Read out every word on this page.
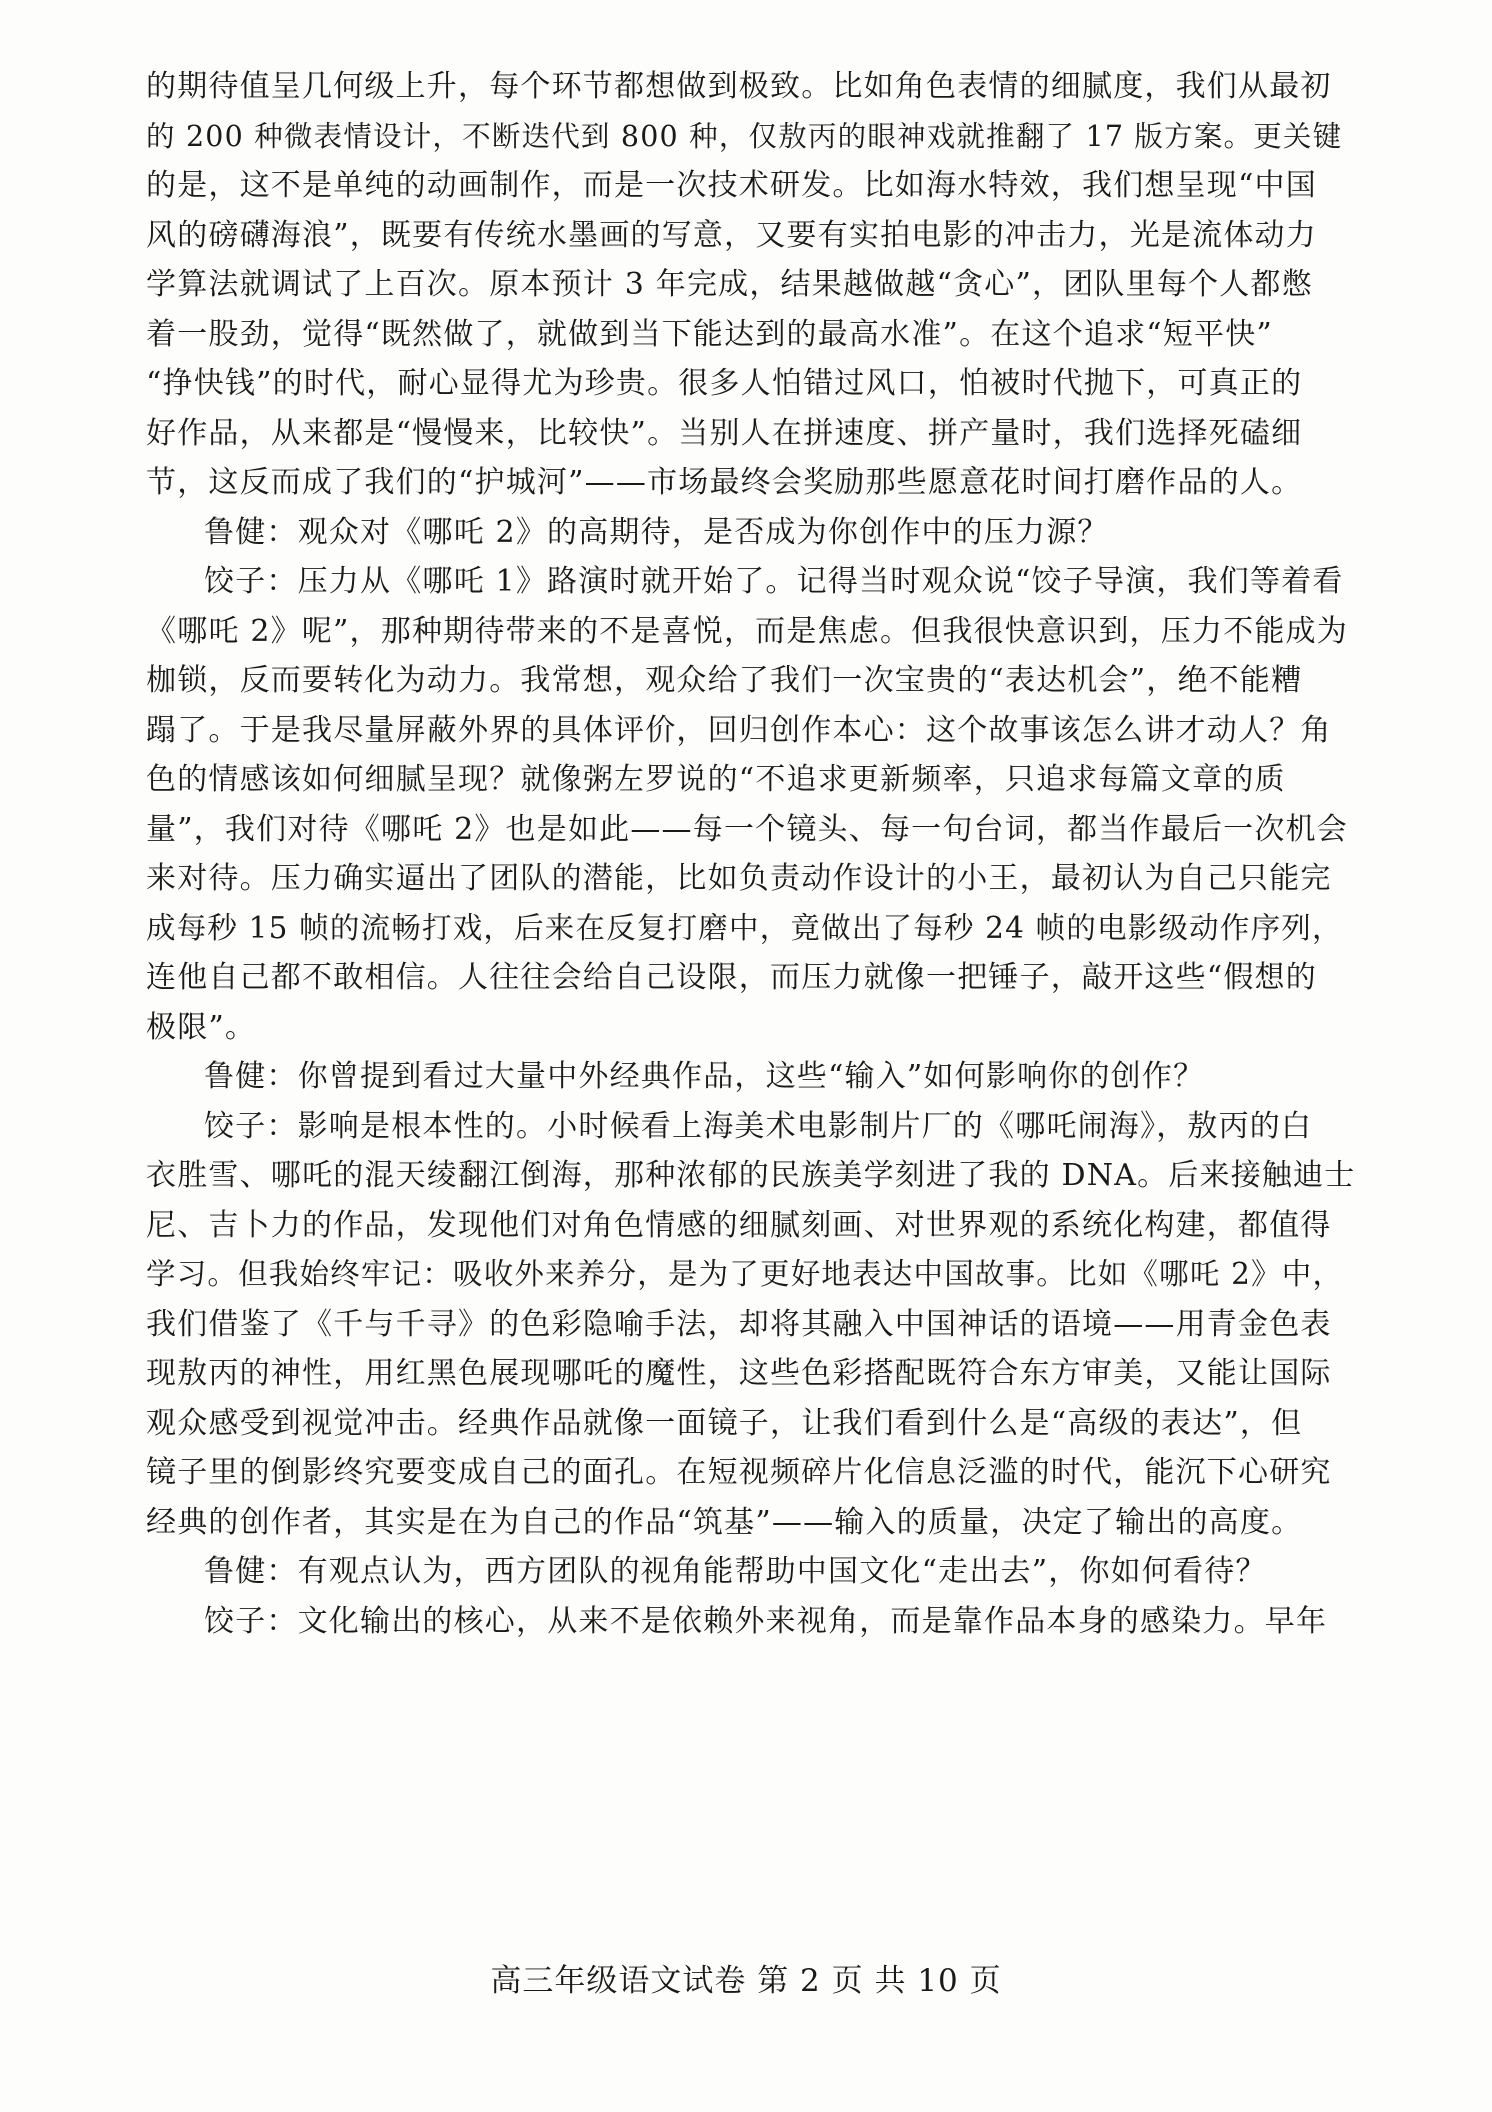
的期待值呈几何级上升，每个环节都想做到极致。比如角色表情的细腻度，我们从最初
的 200 种微表情设计，不断迭代到 800 种，仅敖丙的眼神戏就推翻了 17 版方案。更关键
的是，这不是单纯的动画制作，而是一次技术研发。比如海水特效，我们想呈现“中国
风的磅礴海浪”，既要有传统水墨画的写意，又要有实拍电影的冲击力，光是流体动力
学算法就调试了上百次。原本预计 3 年完成，结果越做越“贪心”，团队里每个人都憋
着一股劲，觉得“既然做了，就做到当下能达到的最高水准”。在这个追求“短平快”
“挣快钱”的时代，耐心显得尤为珍贵。很多人怕错过风口，怕被时代抛下，可真正的
好作品，从来都是“慢慢来，比较快”。当别人在拼速度、拼产量时，我们选择死磕细
节，这反而成了我们的“护城河”——市场最终会奖励那些愿意花时间打磨作品的人。
鲁健：观众对《哪吒 2》的高期待，是否成为你创作中的压力源？
饺子：压力从《哪吒 1》路演时就开始了。记得当时观众说“饺子导演，我们等着看
《哪吒 2》呢”，那种期待带来的不是喜悦，而是焦虑。但我很快意识到，压力不能成为
枷锁，反而要转化为动力。我常想，观众给了我们一次宝贵的“表达机会”，绝不能糟
蹋了。于是我尽量屏蔽外界的具体评价，回归创作本心：这个故事该怎么讲才动人？角
色的情感该如何细腻呈现？就像粥左罗说的“不追求更新频率，只追求每篇文章的质
量”，我们对待《哪吒 2》也是如此——每一个镜头、每一句台词，都当作最后一次机会
来对待。压力确实逼出了团队的潜能，比如负责动作设计的小王，最初认为自己只能完
成每秒 15 帧的流畅打戏，后来在反复打磨中，竟做出了每秒 24 帧的电影级动作序列，
连他自己都不敢相信。人往往会给自己设限，而压力就像一把锤子，敲开这些“假想的
极限”。
鲁健：你曾提到看过大量中外经典作品，这些“输入”如何影响你的创作？
饺子：影响是根本性的。小时候看上海美术电影制片厂的《哪吒闹海》，敖丙的白
衣胜雪、哪吒的混天绫翻江倒海，那种浓郁的民族美学刻进了我的 DNA。后来接触迪士
尼、吉卜力的作品，发现他们对角色情感的细腻刻画、对世界观的系统化构建，都值得
学习。但我始终牢记：吸收外来养分，是为了更好地表达中国故事。比如《哪吒 2》中，
我们借鉴了《千与千寻》的色彩隐喻手法，却将其融入中国神话的语境——用青金色表
现敖丙的神性，用红黑色展现哪吒的魔性，这些色彩搭配既符合东方审美，又能让国际
观众感受到视觉冲击。经典作品就像一面镜子，让我们看到什么是“高级的表达”，但
镜子里的倒影终究要变成自己的面孔。在短视频碎片化信息泛滥的时代，能沉下心研究
经典的创作者，其实是在为自己的作品“筑基”——输入的质量，决定了输出的高度。
鲁健：有观点认为，西方团队的视角能帮助中国文化“走出去”，你如何看待？
饺子：文化输出的核心，从来不是依赖外来视角，而是靠作品本身的感染力。早年
高三年级语文试卷 第 2 页 共 10 页
